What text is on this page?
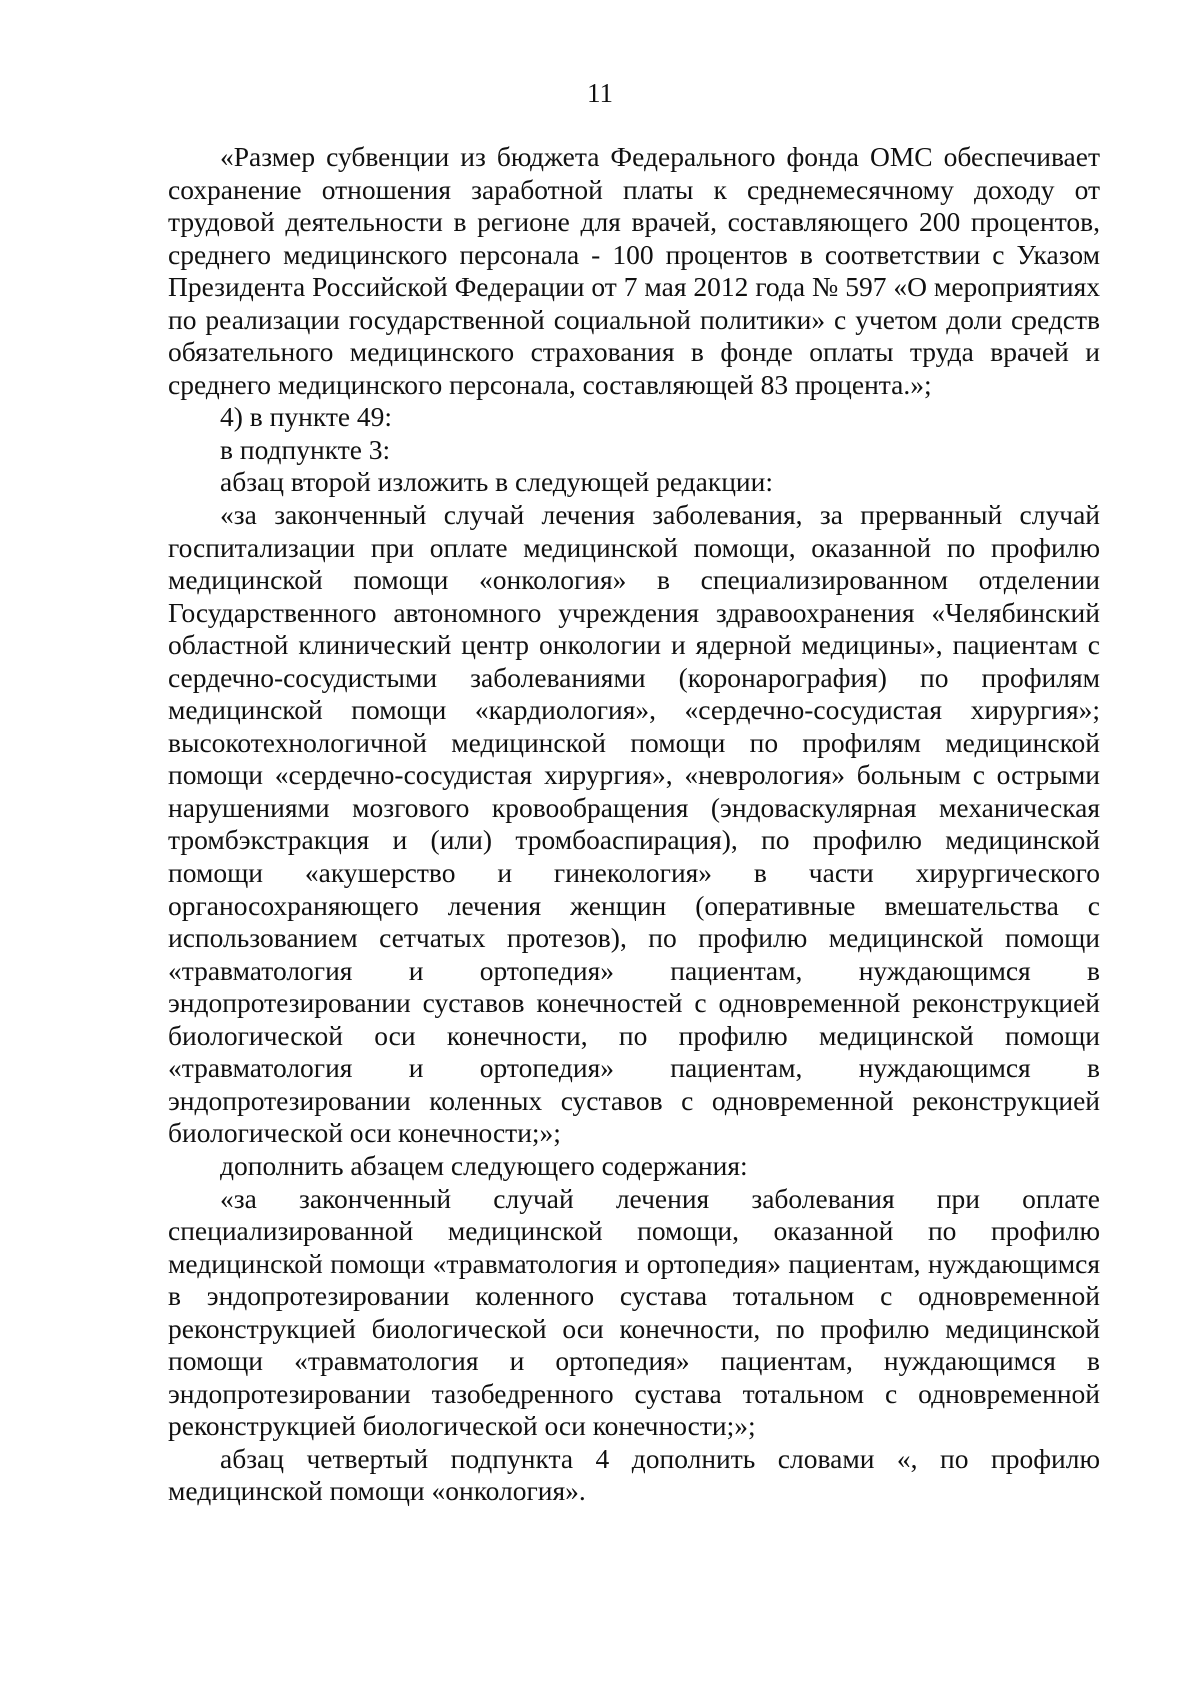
11

«Размер субвенции из бюджета Федерального фонда ОМС обеспечивает сохранение отношения заработной платы к среднемесячному доходу от трудовой деятельности в регионе для врачей, составляющего 200 процентов, среднего медицинского персонала - 100 процентов в соответствии с Указом Президента Российской Федерации от 7 мая 2012 года № 597 «О мероприятиях по реализации государственной социальной политики» с учетом доли средств обязательного медицинского страхования в фонде оплаты труда врачей и среднего медицинского персонала, составляющей 83 процента.»;

4) в пункте 49:

в подпункте 3:

абзац второй изложить в следующей редакции:

«за законченный случай лечения заболевания, за прерванный случай госпитализации при оплате медицинской помощи, оказанной по профилю медицинской помощи «онкология» в специализированном отделении Государственного автономного учреждения здравоохранения «Челябинский областной клинический центр онкологии и ядерной медицины», пациентам с сердечно-сосудистыми заболеваниями (коронарография) по профилям медицинской помощи «кардиология», «сердечно-сосудистая хирургия»; высокотехнологичной медицинской помощи по профилям медицинской помощи «сердечно-сосудистая хирургия», «неврология» больным с острыми нарушениями мозгового кровообращения (эндоваскулярная механическая тромбэкстракция и (или) тромбоаспирация), по профилю медицинской помощи «акушерство и гинекология» в части хирургического органосохраняющего лечения женщин (оперативные вмешательства с использованием сетчатых протезов), по профилю медицинской помощи «травматология и ортопедия» пациентам, нуждающимся в эндопротезировании суставов конечностей с одновременной реконструкцией биологической оси конечности, по профилю медицинской помощи «травматология и ортопедия» пациентам, нуждающимся в эндопротезировании коленных суставов с одновременной реконструкцией биологической оси конечности;»;

дополнить абзацем следующего содержания:

«за законченный случай лечения заболевания при оплате специализированной медицинской помощи, оказанной по профилю медицинской помощи «травматология и ортопедия» пациентам, нуждающимся в эндопротезировании коленного сустава тотальном с одновременной реконструкцией биологической оси конечности, по профилю медицинской помощи «травматология и ортопедия» пациентам, нуждающимся в эндопротезировании тазобедренного сустава тотальном с одновременной реконструкцией биологической оси конечности;»;

абзац четвертый подпункта 4 дополнить словами «, по профилю медицинской помощи «онкология».
